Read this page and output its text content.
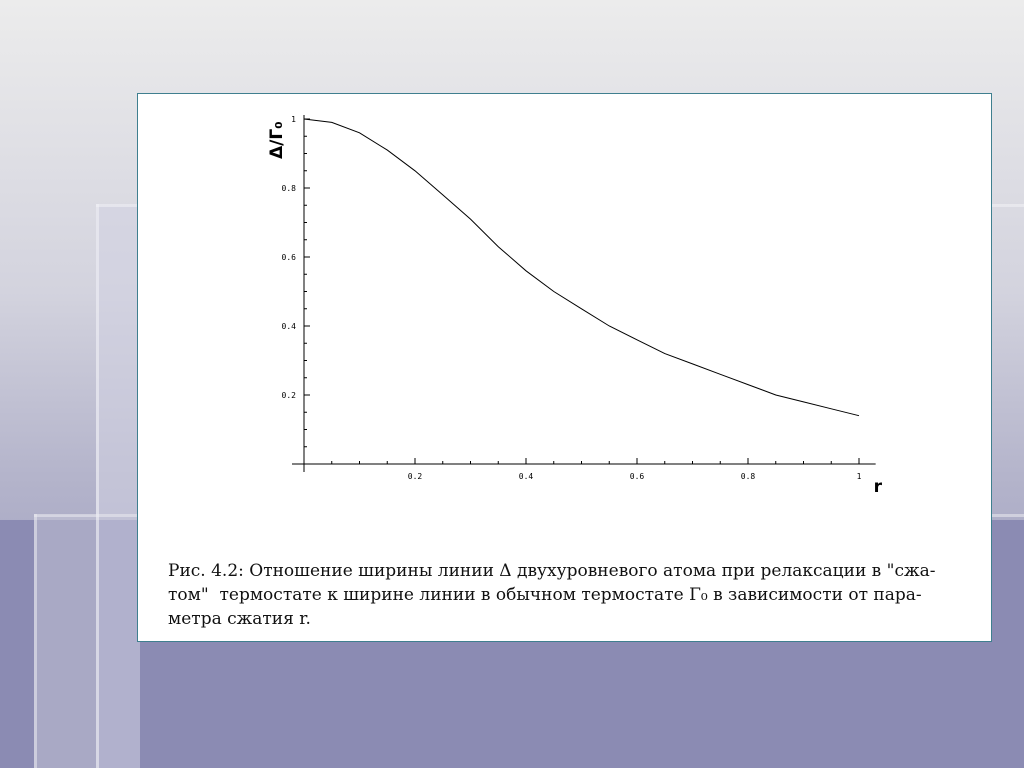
0.2	0.4	0.6	0.8	1
0.2
0.4
0.6
0.8
1
Δ/Γ₀
r

Рис. 4.2: Отношение ширины линии Δ двухуровневого атома при релаксации в "сжа-
том"  термостате к ширине линии в обычном термостате Γ₀ в зависимости от пара-
метра сжатия r.
